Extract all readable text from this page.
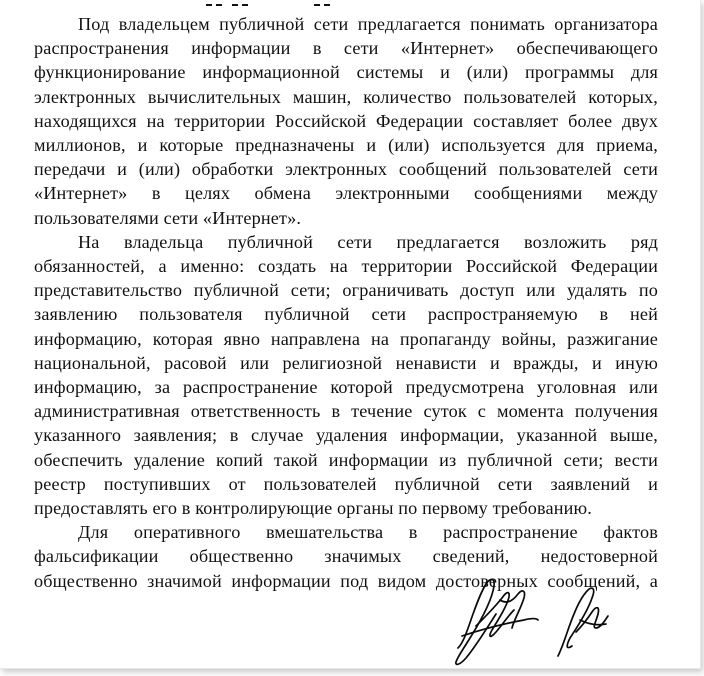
Под владельцем публичной сети предлагается понимать организатора
распространения информации в сети «Интернет» обеспечивающего
функционирование информационной системы и (или) программы для
электронных вычислительных машин, количество пользователей которых,
находящихся на территории Российской Федерации составляет более двух
миллионов, и которые предназначены и (или) используется для приема,
передачи и (или) обработки электронных сообщений пользователей сети
«Интернет» в целях обмена электронными сообщениями между
пользователями сети «Интернет».
На владельца публичной сети предлагается возложить ряд
обязанностей, а именно: создать на территории Российской Федерации
представительство публичной сети; ограничивать доступ или удалять по
заявлению пользователя публичной сети распространяемую в ней
информацию, которая явно направлена на пропаганду войны, разжигание
национальной, расовой или религиозной ненависти и вражды, и иную
информацию, за распространение которой предусмотрена уголовная или
административная ответственность в течение суток с момента получения
указанного заявления; в случае удаления информации, указанной выше,
обеспечить удаление копий такой информации из публичной сети; вести
реестр поступивших от пользователей публичной сети заявлений и
предоставлять его в контролирующие органы по первому требованию.
Для оперативного вмешательства в распространение фактов
фальсификации общественно значимых сведений, недостоверной
общественно значимой информации под видом достоверных сообщений, а
